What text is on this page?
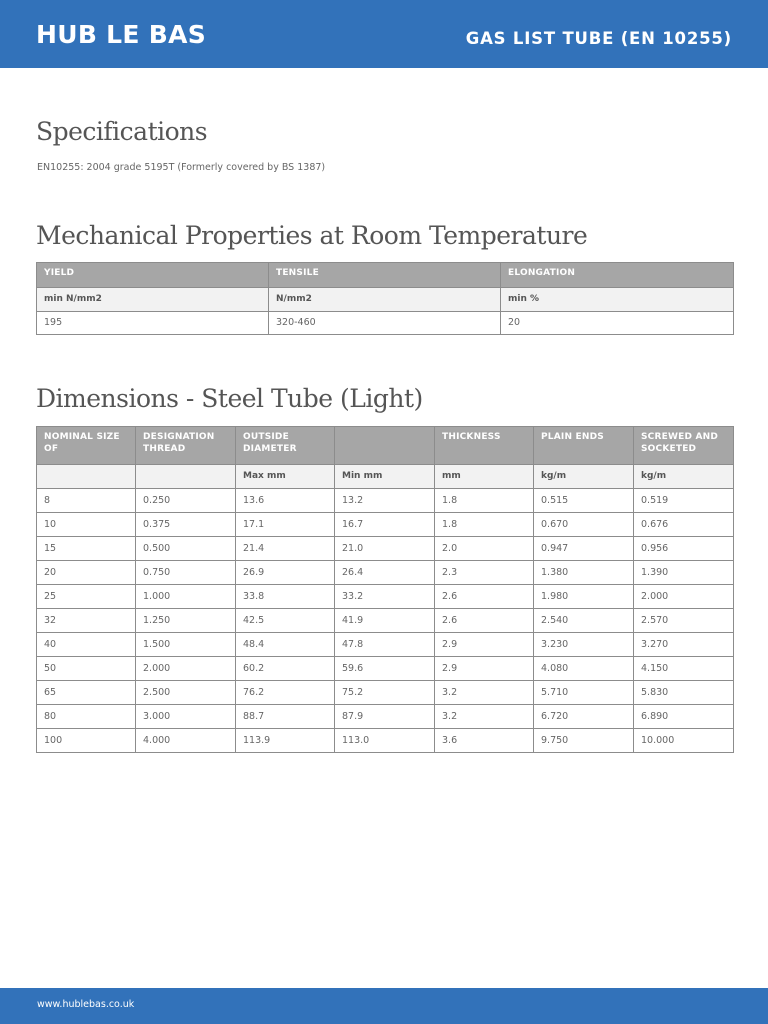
HUB LE BAS	GAS LIST TUBE (EN 10255)
Specifications
EN10255: 2004 grade 5195T (Formerly covered by BS 1387)
Mechanical Properties at Room Temperature
YIELD	TENSILE	ELONGATION
min N/mm2	N/mm2	min %
195	320-460	20
Dimensions - Steel Tube (Light)
NOMINAL SIZE OF	DESIGNATION THREAD	OUTSIDE DIAMETER		THICKNESS	PLAIN ENDS	SCREWED AND SOCKETED
		Max mm	Min mm	mm	kg/m	kg/m
8	0.250	13.6	13.2	1.8	0.515	0.519
10	0.375	17.1	16.7	1.8	0.670	0.676
15	0.500	21.4	21.0	2.0	0.947	0.956
20	0.750	26.9	26.4	2.3	1.380	1.390
25	1.000	33.8	33.2	2.6	1.980	2.000
32	1.250	42.5	41.9	2.6	2.540	2.570
40	1.500	48.4	47.8	2.9	3.230	3.270
50	2.000	60.2	59.6	2.9	4.080	4.150
65	2.500	76.2	75.2	3.2	5.710	5.830
80	3.000	88.7	87.9	3.2	6.720	6.890
100	4.000	113.9	113.0	3.6	9.750	10.000
www.hublebas.co.uk
